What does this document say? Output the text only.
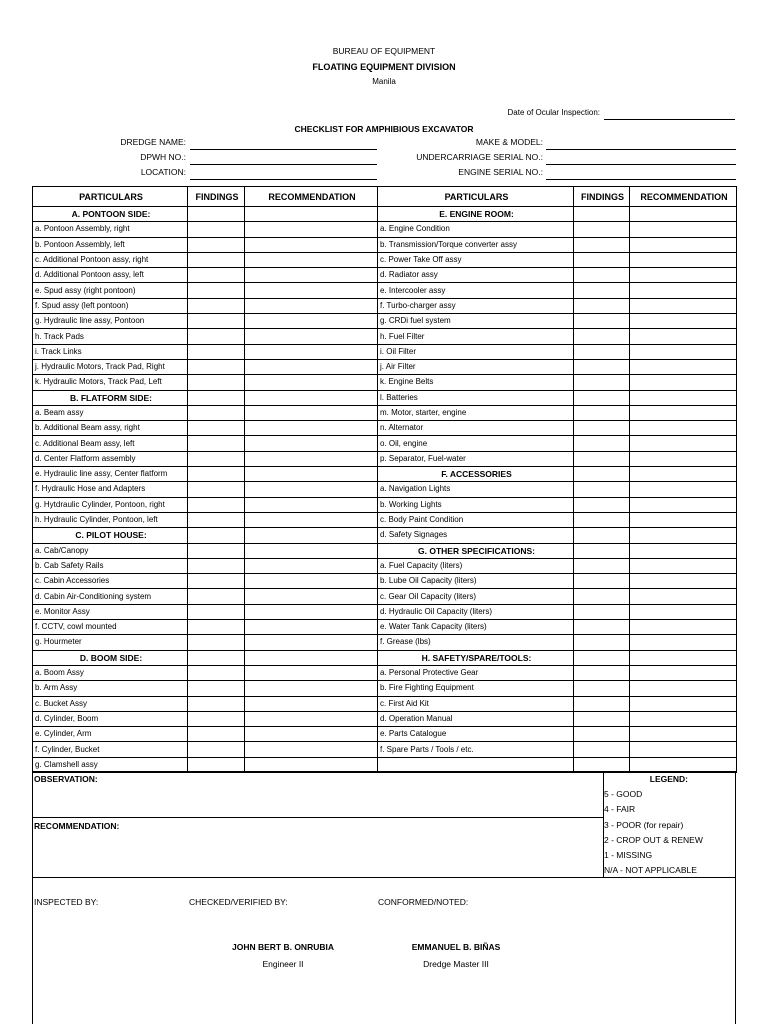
BUREAU OF EQUIPMENT
FLOATING EQUIPMENT DIVISION
Manila
Date of Ocular Inspection:
CHECKLIST FOR AMPHIBIOUS EXCAVATOR
DREDGE NAME:
DPWH NO.:
LOCATION:
MAKE & MODEL:
UNDERCARRIAGE SERIAL NO.:
ENGINE SERIAL NO.:
PARTICULARS	FINDINGS	RECOMMENDATION	PARTICULARS	FINDINGS	RECOMMENDATION
A. PONTOON SIDE:			E. ENGINE ROOM:		
a. Pontoon Assembly, right			a. Engine Condition		
b. Pontoon Assembly, left			b. Transmission/Torque converter assy		
c. Additional Pontoon assy, right			c. Power Take Off assy		
d. Additional Pontoon assy, left			d. Radiator assy		
e. Spud assy (right pontoon)			e. Intercooler assy		
f. Spud assy (left pontoon)			f. Turbo-charger assy		
g. Hydraulic line assy, Pontoon			g. CRDi fuel system		
h. Track Pads			h. Fuel Filter		
i. Track Links			i. Oil Filter		
j. Hydraulic Motors, Track Pad, Right			j. Air Filter		
k. Hydraulic Motors, Track Pad, Left			k. Engine Belts		
B. FLATFORM SIDE:			l. Batteries		
a. Beam assy			m. Motor, starter, engine		
b. Additional Beam assy, right			n. Alternator		
c. Additional Beam assy, left			o. Oil, engine		
d. Center Flatform assembly			p. Separator, Fuel-water		
e. Hydraulic line assy, Center flatform			F. ACCESSORIES		
f. Hydraulic Hose and Adapters			a. Navigation Lights		
g. Hytdraulic Cylinder, Pontoon, right			b. Working Lights		
h. Hydraulic Cylinder, Pontoon, left			c. Body Paint Condition		
C. PILOT HOUSE:			d. Safety Signages		
a. Cab/Canopy			G. OTHER SPECIFICATIONS:		
b. Cab Safety Rails			a. Fuel Capacity (liters)		
c. Cabin Accessories			b. Lube Oil Capacity (liters)		
d. Cabin Air-Conditioning system			c. Gear Oil Capacity (liters)		
e. Monitor Assy			d. Hydraulic Oil Capacity (liters)		
f. CCTV, cowl mounted			e. Water Tank Capacity (liters)		
g. Hourmeter			f. Grease (lbs)		
D. BOOM SIDE:			H. SAFETY/SPARE/TOOLS:		
a. Boom Assy			a. Personal Protective Gear		
b. Arm Assy			b. Fire Fighting Equipment		
c. Bucket Assy			c. First Aid Kit		
d. Cylinder, Boom			d. Operation Manual		
e. Cylinder, Arm			e. Parts Catalogue		
f. Cylinder, Bucket			f. Spare Parts / Tools / etc.		
g. Clamshell assy					
OBSERVATION:
RECOMMENDATION:
LEGEND:
5 - GOOD
4 - FAIR
3 - POOR (for repair)
2 - CROP OUT & RENEW
1 - MISSING
N/A - NOT APPLICABLE
INSPECTED BY:	CHECKED/VERIFIED BY:	CONFORMED/NOTED:
JOHN BERT B. ONRUBIA
Engineer II
EMMANUEL B. BIÑAS
Dredge Master III
